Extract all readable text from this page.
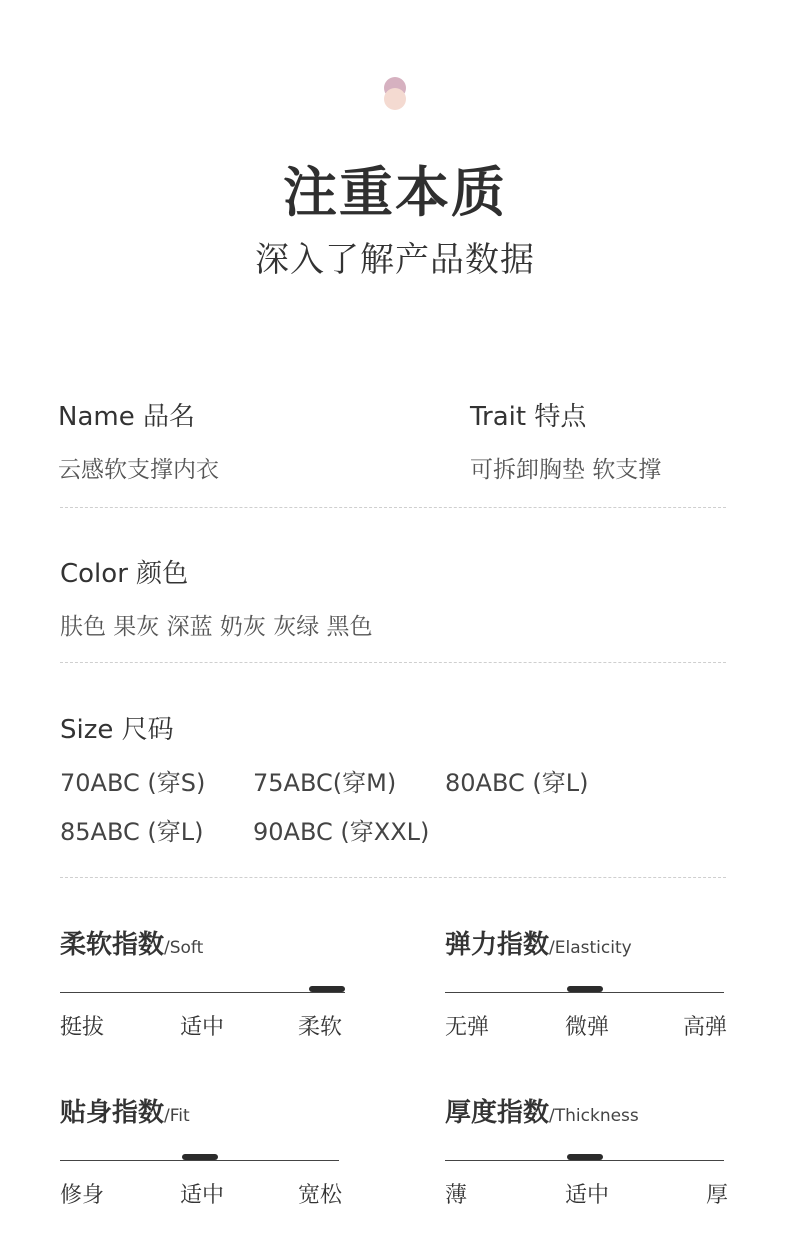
注重本质
深入了解产品数据
Name 品名
云感软支撑内衣
Trait 特点
可拆卸胸垫 软支撑
Color 颜色
肤色 果灰 深蓝 奶灰 灰绿 黑色
Size 尺码
70ABC (穿S) 75ABC(穿M) 80ABC (穿L)
85ABC (穿L) 90ABC (穿XXL)
柔软指数/Soft
挺拔	适中	柔软
弹力指数/Elasticity
无弹	微弹	高弹
贴身指数/Fit
修身	适中	宽松
厚度指数/Thickness
薄	适中	厚
